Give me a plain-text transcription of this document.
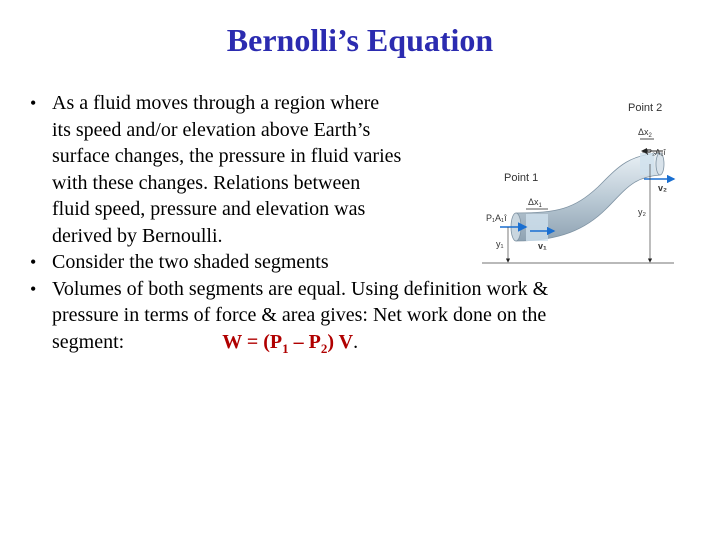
Bernolli’s Equation
• As a fluid moves through a region where
its speed and/or elevation above Earth’s
surface changes, the pressure in fluid varies
with these changes. Relations between
fluid speed, pressure and elevation was
derived by Bernoulli.
• Consider the two shaded segments
• Volumes of both segments are equal. Using definition work &
pressure in terms of force & area gives: Net work done on the
segment:	$W = (P_1 - P_2)$ V.
Point 2
$\Delta x_2$
−P₂A₂î
v₂
Point 1
$\Delta x_1$
P₁A₁î
v₁
y₂
y₁
